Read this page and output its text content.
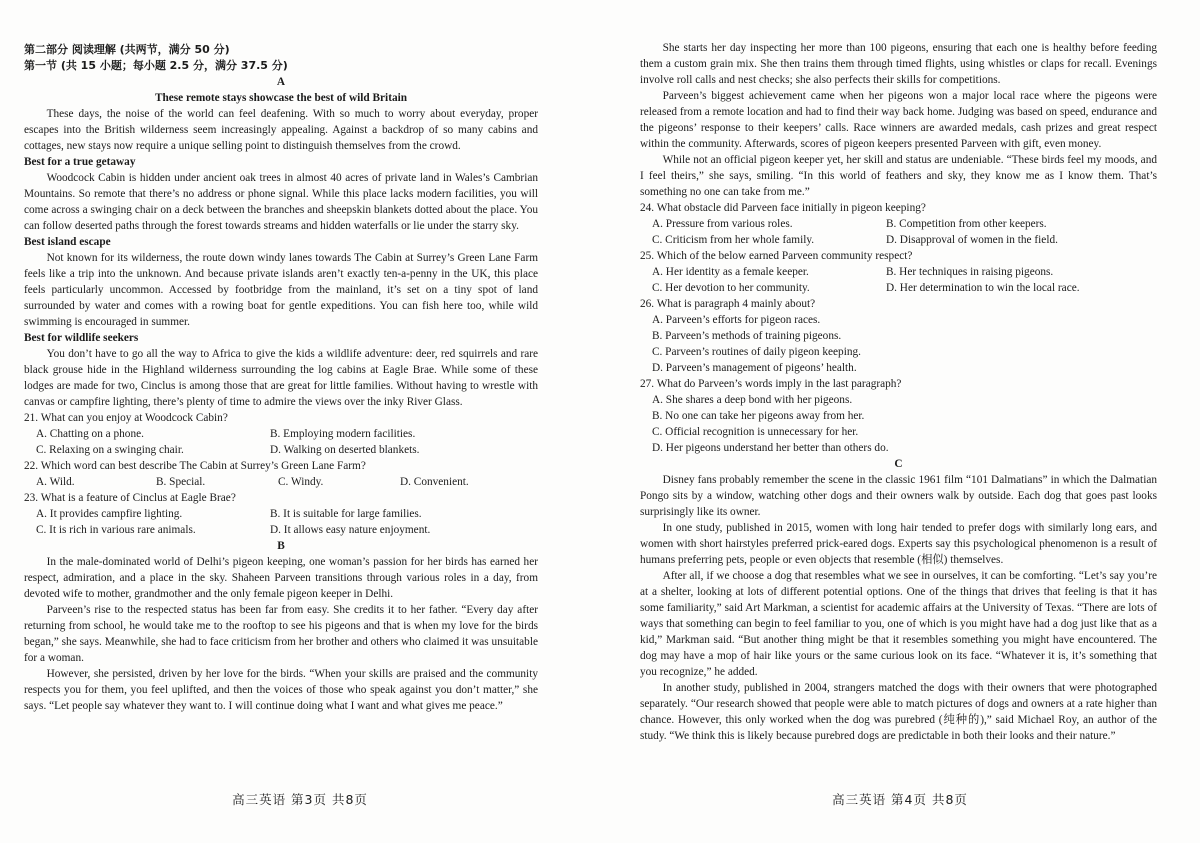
第二部分 阅读理解 (共两节，满分 50 分)
第一节 (共 15 小题；每小题 2.5 分，满分 37.5 分)
A
These remote stays showcase the best of wild Britain

These days, the noise of the world can feel deafening. With so much to worry about everyday, proper escapes into the British wilderness seem increasingly appealing. Against a backdrop of so many cabins and cottages, new stays now require a unique selling point to distinguish themselves from the crowd.

Best for a true getaway

Woodcock Cabin is hidden under ancient oak trees in almost 40 acres of private land in Wales’s Cambrian Mountains. So remote that there’s no address or phone signal. While this place lacks modern facilities, you will come across a swinging chair on a deck between the branches and sheepskin blankets dotted about the place. You can follow deserted paths through the forest towards streams and hidden waterfalls or lie under the starry sky.

Best island escape

Not known for its wilderness, the route down windy lanes towards The Cabin at Surrey’s Green Lane Farm feels like a trip into the unknown. And because private islands aren’t exactly ten-a-penny in the UK, this place feels particularly uncommon. Accessed by footbridge from the mainland, it’s set on a tiny spot of land surrounded by water and comes with a rowing boat for gentle expeditions. You can fish here too, while wild swimming is encouraged in summer.

Best for wildlife seekers

You don’t have to go all the way to Africa to give the kids a wildlife adventure: deer, red squirrels and rare black grouse hide in the Highland wilderness surrounding the log cabins at Eagle Brae. While some of these lodges are made for two, Cinclus is among those that are great for little families. Without having to wrestle with canvas or campfire lighting, there’s plenty of time to admire the views over the inky River Glass.

21. What can you enjoy at Woodcock Cabin?
A. Chatting on a phone.	B. Employing modern facilities.
C. Relaxing on a swinging chair.	D. Walking on deserted blankets.
22. Which word can best describe The Cabin at Surrey’s Green Lane Farm?
A. Wild.	B. Special.	C. Windy.	D. Convenient.
23. What is a feature of Cinclus at Eagle Brae?
A. It provides campfire lighting.	B. It is suitable for large families.
C. It is rich in various rare animals.	D. It allows easy nature enjoyment.
B

In the male-dominated world of Delhi’s pigeon keeping, one woman’s passion for her birds has earned her respect, admiration, and a place in the sky. Shaheen Parveen transitions through various roles in a day, from devoted wife to mother, grandmother and the only female pigeon keeper in Delhi.

Parveen’s rise to the respected status has been far from easy. She credits it to her father. “Every day after returning from school, he would take me to the rooftop to see his pigeons and that is when my love for the birds began,” she says. Meanwhile, she had to face criticism from her brother and others who claimed it was unsuitable for a woman.

However, she persisted, driven by her love for the birds. “When your skills are praised and the community respects you for them, you feel uplifted, and then the voices of those who speak against you don’t matter,” she says. “Let people say whatever they want to. I will continue doing what I want and what gives me peace.”

高三英语 第3页 共8页

She starts her day inspecting her more than 100 pigeons, ensuring that each one is healthy before feeding them a custom grain mix. She then trains them through timed flights, using whistles or claps for recall. Evenings involve roll calls and nest checks; she also perfects their skills for competitions.

Parveen’s biggest achievement came when her pigeons won a major local race where the pigeons were released from a remote location and had to find their way back home. Judging was based on speed, endurance and the pigeons’ response to their keepers’ calls. Race winners are awarded medals, cash prizes and great respect within the community. Afterwards, scores of pigeon keepers presented Parveen with gift, even money.

While not an official pigeon keeper yet, her skill and status are undeniable. “These birds feel my moods, and I feel theirs,” she says, smiling. “In this world of feathers and sky, they know me as I know them. That’s something no one can take from me.”

24. What obstacle did Parveen face initially in pigeon keeping?
A. Pressure from various roles.	B. Competition from other keepers.
C. Criticism from her whole family.	D. Disapproval of women in the field.
25. Which of the below earned Parveen community respect?
A. Her identity as a female keeper.	B. Her techniques in raising pigeons.
C. Her devotion to her community.	D. Her determination to win the local race.
26. What is paragraph 4 mainly about?
A. Parveen’s efforts for pigeon races.
B. Parveen’s methods of training pigeons.
C. Parveen’s routines of daily pigeon keeping.
D. Parveen’s management of pigeons’ health.
27. What do Parveen’s words imply in the last paragraph?
A. She shares a deep bond with her pigeons.
B. No one can take her pigeons away from her.
C. Official recognition is unnecessary for her.
D. Her pigeons understand her better than others do.
C

Disney fans probably remember the scene in the classic 1961 film “101 Dalmatians” in which the Dalmatian Pongo sits by a window, watching other dogs and their owners walk by outside. Each dog that goes past looks surprisingly like its owner.

In one study, published in 2015, women with long hair tended to prefer dogs with similarly long ears, and women with short hairstyles preferred prick-eared dogs. Experts say this psychological phenomenon is a result of humans preferring pets, people or even objects that resemble (相似) themselves.

After all, if we choose a dog that resembles what we see in ourselves, it can be comforting. “Let’s say you’re at a shelter, looking at lots of different potential options. One of the things that drives that feeling is that it has some familiarity,” said Art Markman, a scientist for academic affairs at the University of Texas. “There are lots of ways that something can begin to feel familiar to you, one of which is you might have had a dog just like that as a kid,” Markman said. “But another thing might be that it resembles something you might have encountered. The dog may have a mop of hair like yours or the same curious look on its face. “Whatever it is, it’s something that you recognize,” he added.

In another study, published in 2004, strangers matched the dogs with their owners that were photographed separately. “Our research showed that people were able to match pictures of dogs and owners at a rate higher than chance. However, this only worked when the dog was purebred (纯种的),” said Michael Roy, an author of the study. “We think this is likely because purebred dogs are predictable in both their looks and their nature.”

高三英语 第4页 共8页
